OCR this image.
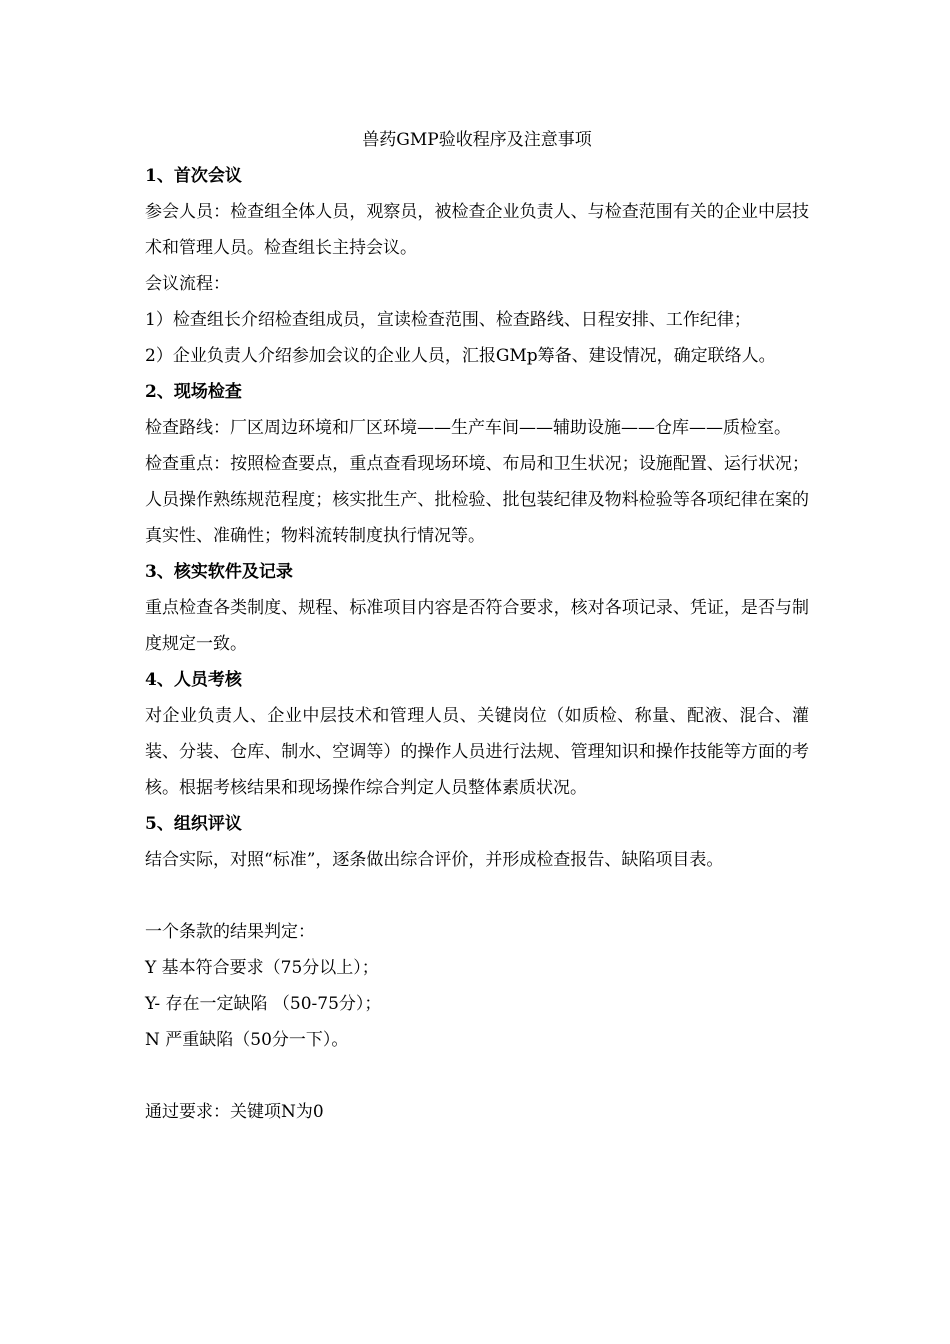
兽药GMP验收程序及注意事项

1、首次会议

参会人员：检查组全体人员，观察员，被检查企业负责人、与检查范围有关的企业中层技术和管理人员。检查组长主持会议。

会议流程：

1）检查组长介绍检查组成员，宣读检查范围、检查路线、日程安排、工作纪律；

2）企业负责人介绍参加会议的企业人员，汇报GMp筹备、建设情况，确定联络人。

2、现场检查

检查路线：厂区周边环境和厂区环境——生产车间——辅助设施——仓库——质检室。

检查重点：按照检查要点，重点查看现场环境、布局和卫生状况；设施配置、运行状况；人员操作熟练规范程度；核实批生产、批检验、批包装纪律及物料检验等各项纪律在案的真实性、准确性；物料流转制度执行情况等。

3、核实软件及记录

重点检查各类制度、规程、标准项目内容是否符合要求，核对各项记录、凭证，是否与制度规定一致。

4、人员考核

对企业负责人、企业中层技术和管理人员、关键岗位（如质检、称量、配液、混合、灌装、分装、仓库、制水、空调等）的操作人员进行法规、管理知识和操作技能等方面的考核。根据考核结果和现场操作综合判定人员整体素质状况。

5、组织评议

结合实际，对照“标准”，逐条做出综合评价，并形成检查报告、缺陷项目表。

一个条款的结果判定：

Y 基本符合要求（75分以上）；

Y- 存在一定缺陷 （50-75分）；

N 严重缺陷（50分一下）。

通过要求：关键项N为0
